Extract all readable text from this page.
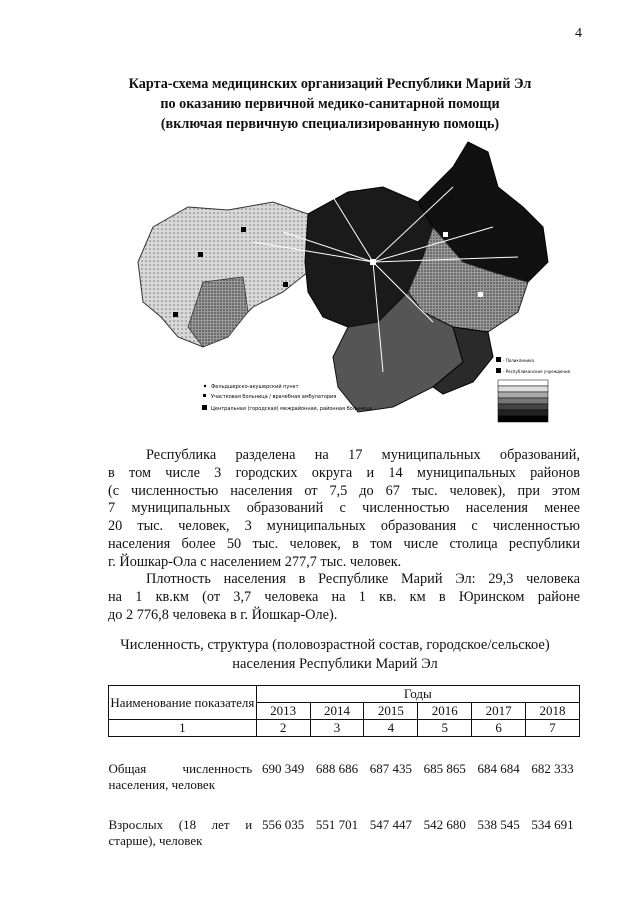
4
Карта-схема медицинских организаций Республики Марий Эл
по оказанию первичной медико-санитарной помощи
(включая первичную специализированную помощь)
Фельдшерско-акушерский пункт
Участковая больница / врачебная амбулатория
Центральная (городская) межрайонная, районная больница
- Поликлиника
- Республиканские учреждения
Республика разделена на 17 муниципальных образований,
в том числе 3 городских округа и 14 муниципальных районов
(с численностью населения от 7,5 до 67 тыс. человек), при этом
7 муниципальных образований с численностью населения менее
20 тыс. человек, 3 муниципальных образования с численностью
населения более 50 тыс. человек, в том числе столица республики
г. Йошкар-Ола с населением 277,7 тыс. человек.
Плотность населения в Республике Марий Эл: 29,3 человека
на 1 кв.км (от 3,7 человека на 1 кв. км в Юринском районе
до 2 776,8 человека в г. Йошкар-Оле).
Численность, структура (половозрастной состав, городское/сельское)
населения Республики Марий Эл
Наименование показателя	Годы					
	2013	2014	2015	2016	2017	2018
1	2	3	4	5	6	7

Общая численность населения, человек	690 349	688 686	687 435	685 865	684 684	682 333

Взрослых (18 лет и старше), человек	556 035	551 701	547 447	542 680	538 545	534 691
